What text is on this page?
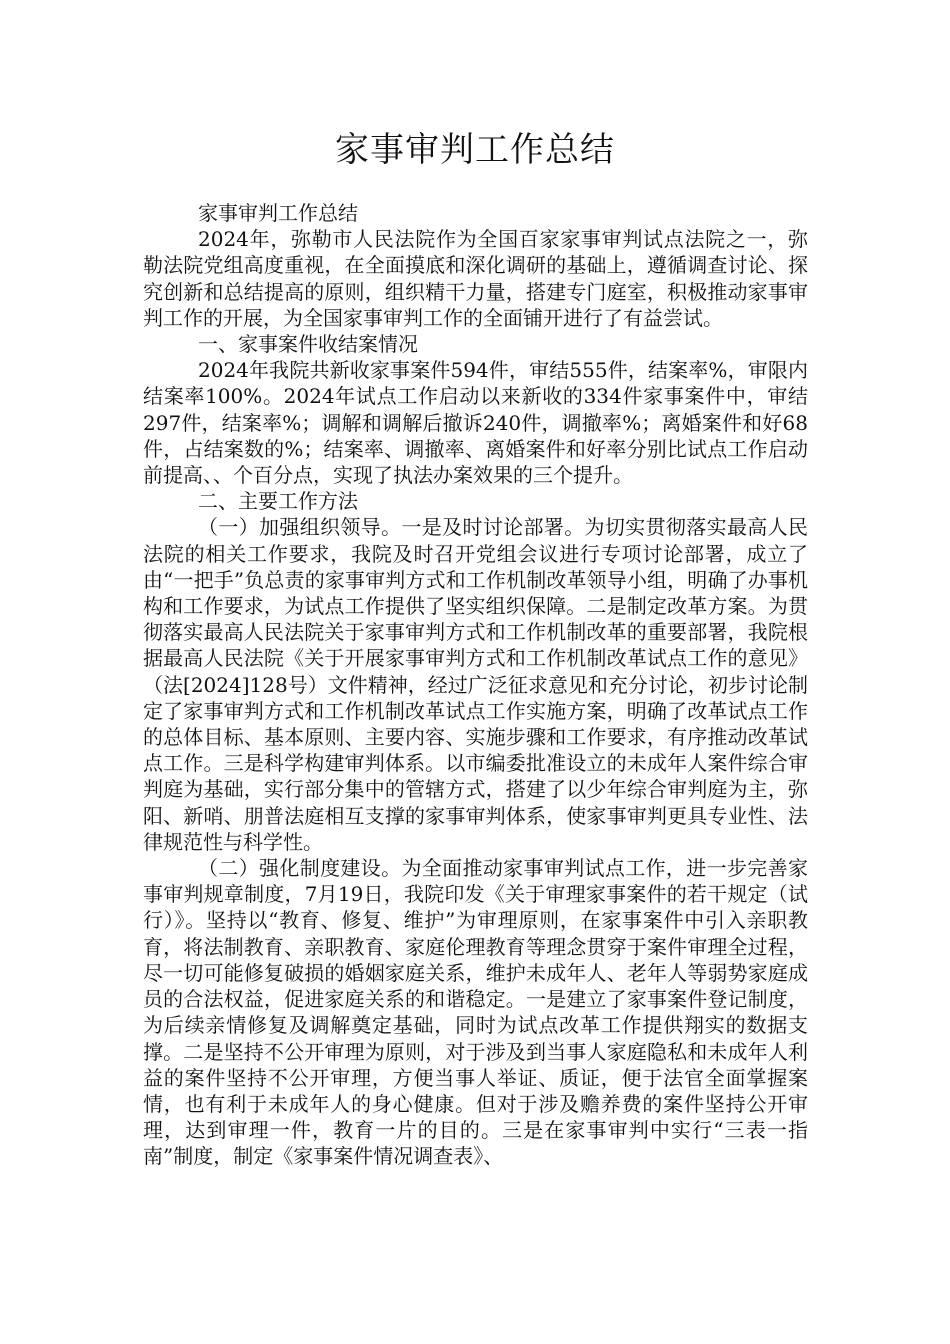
家事审判工作总结

家事审判工作总结

2024年，弥勒市人民法院作为全国百家家事审判试点法院之一，弥勒法院党组高度重视，在全面摸底和深化调研的基础上，遵循调查讨论、探究创新和总结提高的原则，组织精干力量，搭建专门庭室，积极推动家事审判工作的开展，为全国家事审判工作的全面铺开进行了有益尝试。

一、家事案件收结案情况

2024年我院共新收家事案件594件，审结555件，结案率%，审限内结案率100%。2024年试点工作启动以来新收的334件家事案件中，审结297件，结案率%；调解和调解后撤诉240件，调撤率%；离婚案件和好68件，占结案数的%；结案率、调撤率、离婚案件和好率分别比试点工作启动前提高、、个百分点，实现了执法办案效果的三个提升。

二、主要工作方法

（一）加强组织领导。一是及时讨论部署。为切实贯彻落实最高人民法院的相关工作要求，我院及时召开党组会议进行专项讨论部署，成立了由“一把手”负总责的家事审判方式和工作机制改革领导小组，明确了办事机构和工作要求，为试点工作提供了坚实组织保障。二是制定改革方案。为贯彻落实最高人民法院关于家事审判方式和工作机制改革的重要部署，我院根据最高人民法院《关于开展家事审判方式和工作机制改革试点工作的意见》（法[2024]128号）文件精神，经过广泛征求意见和充分讨论，初步讨论制定了家事审判方式和工作机制改革试点工作实施方案，明确了改革试点工作的总体目标、基本原则、主要内容、实施步骤和工作要求，有序推动改革试点工作。三是科学构建审判体系。以市编委批准设立的未成年人案件综合审判庭为基础，实行部分集中的管辖方式，搭建了以少年综合审判庭为主，弥阳、新哨、朋普法庭相互支撑的家事审判体系，使家事审判更具专业性、法律规范性与科学性。

（二）强化制度建设。为全面推动家事审判试点工作，进一步完善家事审判规章制度，7月19日，我院印发《关于审理家事案件的若干规定（试行）》。坚持以“教育、修复、维护”为审理原则，在家事案件中引入亲职教育，将法制教育、亲职教育、家庭伦理教育等理念贯穿于案件审理全过程，尽一切可能修复破损的婚姻家庭关系，维护未成年人、老年人等弱势家庭成员的合法权益，促进家庭关系的和谐稳定。一是建立了家事案件登记制度，为后续亲情修复及调解奠定基础，同时为试点改革工作提供翔实的数据支撑。二是坚持不公开审理为原则，对于涉及到当事人家庭隐私和未成年人利益的案件坚持不公开审理，方便当事人举证、质证，便于法官全面掌握案情，也有利于未成年人的身心健康。但对于涉及赡养费的案件坚持公开审理，达到审理一件，教育一片的目的。三是在家事审判中实行“三表一指南”制度，制定《家事案件情况调查表》、
